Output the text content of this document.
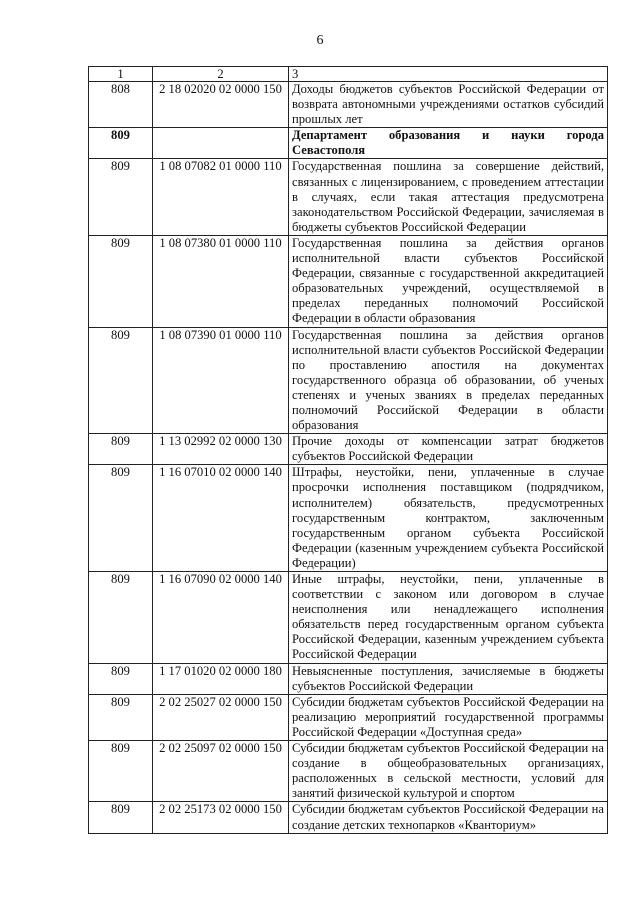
6
1	2	3
808	2 18 02020 02 0000 150	Доходы бюджетов субъектов Российской Федерации от возврата автономными учреждениями остатков субсидий прошлых лет
809		Департамент образования и науки города Севастополя
809	1 08 07082 01 0000 110	Государственная пошлина за совершение действий, связанных с лицензированием, с проведением аттестации в случаях, если такая аттестация предусмотрена законодательством Российской Федерации, зачисляемая в бюджеты субъектов Российской Федерации
809	1 08 07380 01 0000 110	Государственная пошлина за действия органов исполнительной власти субъектов Российской Федерации, связанные с государственной аккредитацией образовательных учреждений, осуществляемой в пределах переданных полномочий Российской Федерации в области образования
809	1 08 07390 01 0000 110	Государственная пошлина за действия органов исполнительной власти субъектов Российской Федерации по проставлению апостиля на документах государственного образца об образовании, об ученых степенях и ученых званиях в пределах переданных полномочий Российской Федерации в области образования
809	1 13 02992 02 0000 130	Прочие доходы от компенсации затрат бюджетов субъектов Российской Федерации
809	1 16 07010 02 0000 140	Штрафы, неустойки, пени, уплаченные в случае просрочки исполнения поставщиком (подрядчиком, исполнителем) обязательств, предусмотренных государственным контрактом, заключенным государственным органом субъекта Российской Федерации (казенным учреждением субъекта Российской Федерации)
809	1 16 07090 02 0000 140	Иные штрафы, неустойки, пени, уплаченные в соответствии с законом или договором в случае неисполнения или ненадлежащего исполнения обязательств перед государственным органом субъекта Российской Федерации, казенным учреждением субъекта Российской Федерации
809	1 17 01020 02 0000 180	Невыясненные поступления, зачисляемые в бюджеты субъектов Российской Федерации
809	2 02 25027 02 0000 150	Субсидии бюджетам субъектов Российской Федерации на реализацию мероприятий государственной программы Российской Федерации «Доступная среда»
809	2 02 25097 02 0000 150	Субсидии бюджетам субъектов Российской Федерации на создание в общеобразовательных организациях, расположенных в сельской местности, условий для занятий физической культурой и спортом
809	2 02 25173 02 0000 150	Субсидии бюджетам субъектов Российской Федерации на создание детских технопарков «Кванториум»
